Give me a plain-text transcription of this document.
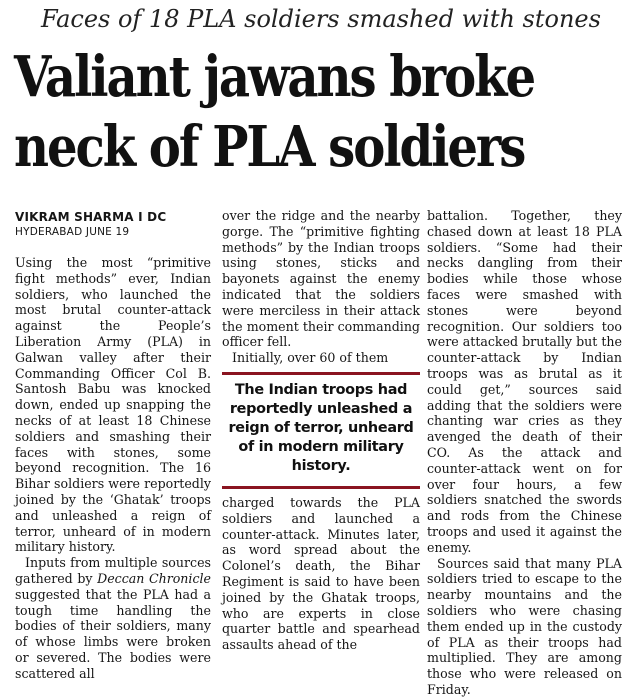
Faces of 18 PLA soldiers smashed with stones
Valiant jawans broke
neck of PLA soldiers

VIKRAM SHARMA I DC

HYDERABAD JUNE 19

Using the most “primitive fight methods” ever, Indian soldiers, who launched the most brutal counter-attack against the People’s Liberation Army (PLA) in Galwan valley after their Commanding Officer Col B. Santosh Babu was knocked down, ended up snapping the necks of at least 18 Chinese soldiers and smashing their faces with stones, some beyond recognition. The 16 Bihar soldiers were reportedly joined by the ‘Ghatak’ troops and unleashed a reign of terror, unheard of in modern military history.

Inputs from multiple sources gathered by Deccan Chronicle suggested that the PLA had a tough time handling the bodies of their soldiers, many of whose limbs were broken or severed. The bodies were scattered all

over the ridge and the nearby gorge. The “primitive fighting methods” by the Indian troops using stones, sticks and bayonets against the enemy indicated that the soldiers were merciless in their attack the moment their commanding officer fell.

Initially, over 60 of them

The Indian troops had reportedly unleashed a reign of terror, unheard of in modern military history.

charged towards the PLA soldiers and launched a counter-attack. Minutes later, as word spread about the Colonel’s death, the Bihar Regiment is said to have been joined by the Ghatak troops, who are experts in close quarter battle and spearhead assaults ahead of the

battalion. Together, they chased down at least 18 PLA soldiers. “Some had their necks dangling from their bodies while those whose faces were smashed with stones were beyond recognition. Our soldiers too were attacked brutally but the counter-attack by Indian troops was as brutal as it could get,” sources said adding that the soldiers were chanting war cries as they avenged the death of their CO. As the attack and counter-attack went on for over four hours, a few soldiers snatched the swords and rods from the Chinese troops and used it against the enemy.

Sources said that many PLA soldiers tried to escape to the nearby mountains and the soldiers who were chasing them ended up in the custody of PLA as their troops had multiplied. They are among those who were released on Friday.
